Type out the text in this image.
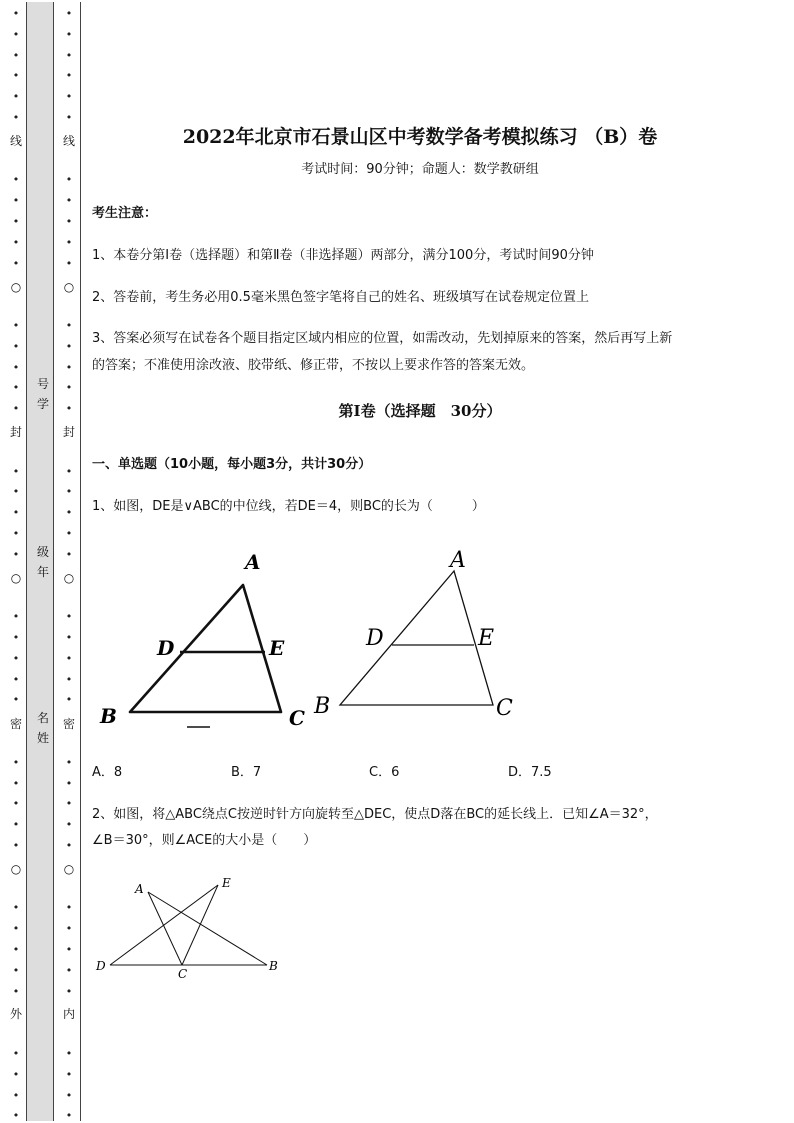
•
•
•
•
•
•
•
•
•
•
•
•
•
•
•
•
•
•
•
•
•
•
•
•
•
•
•
•
•
•
•
•
•
•
•
•
•
•
•
•
•
•
•
•
•
•
•
•
•
•
•
•
•
•
•
•
•
•
•
•
•
•
•
•
•
•
•
•
•
•
•
•
•
•
•
•
•
•
•
•
线
○
封
○
密
○
外
线
○
封
○
密
○
内
号
学
级
年
名
姓
2022年北京市石景山区中考数学备考模拟练习 （B）卷
考试时间：90分钟；命题人：数学教研组
考生注意：
1、本卷分第I卷（选择题）和第Ⅱ卷（非选择题）两部分，满分100分，考试时间90分钟
2、答卷前，考生务必用0.5毫米黑色签字笔将自己的姓名、班级填写在试卷规定位置上
3、答案必须写在试卷各个题目指定区域内相应的位置，如需改动，先划掉原来的答案，然后再写上新
的答案；不准使用涂改液、胶带纸、修正带，不按以上要求作答的答案无效。
第I卷（选择题　30分）
一、单选题（10小题，每小题3分，共计30分）
1、如图，DE是∨ABC的中位线，若DE＝4，则BC的长为（　　　）
A
D	E
B	C
A
D	E
B	C
A．8	B．7	C．6	D．7.5
2、如图，将△ABC绕点C按逆时针方向旋转至△DEC，使点D落在BC的延长线上．已知∠A＝32°，
∠B＝30°，则∠ACE的大小是（　　）
A	E
D
C
B
